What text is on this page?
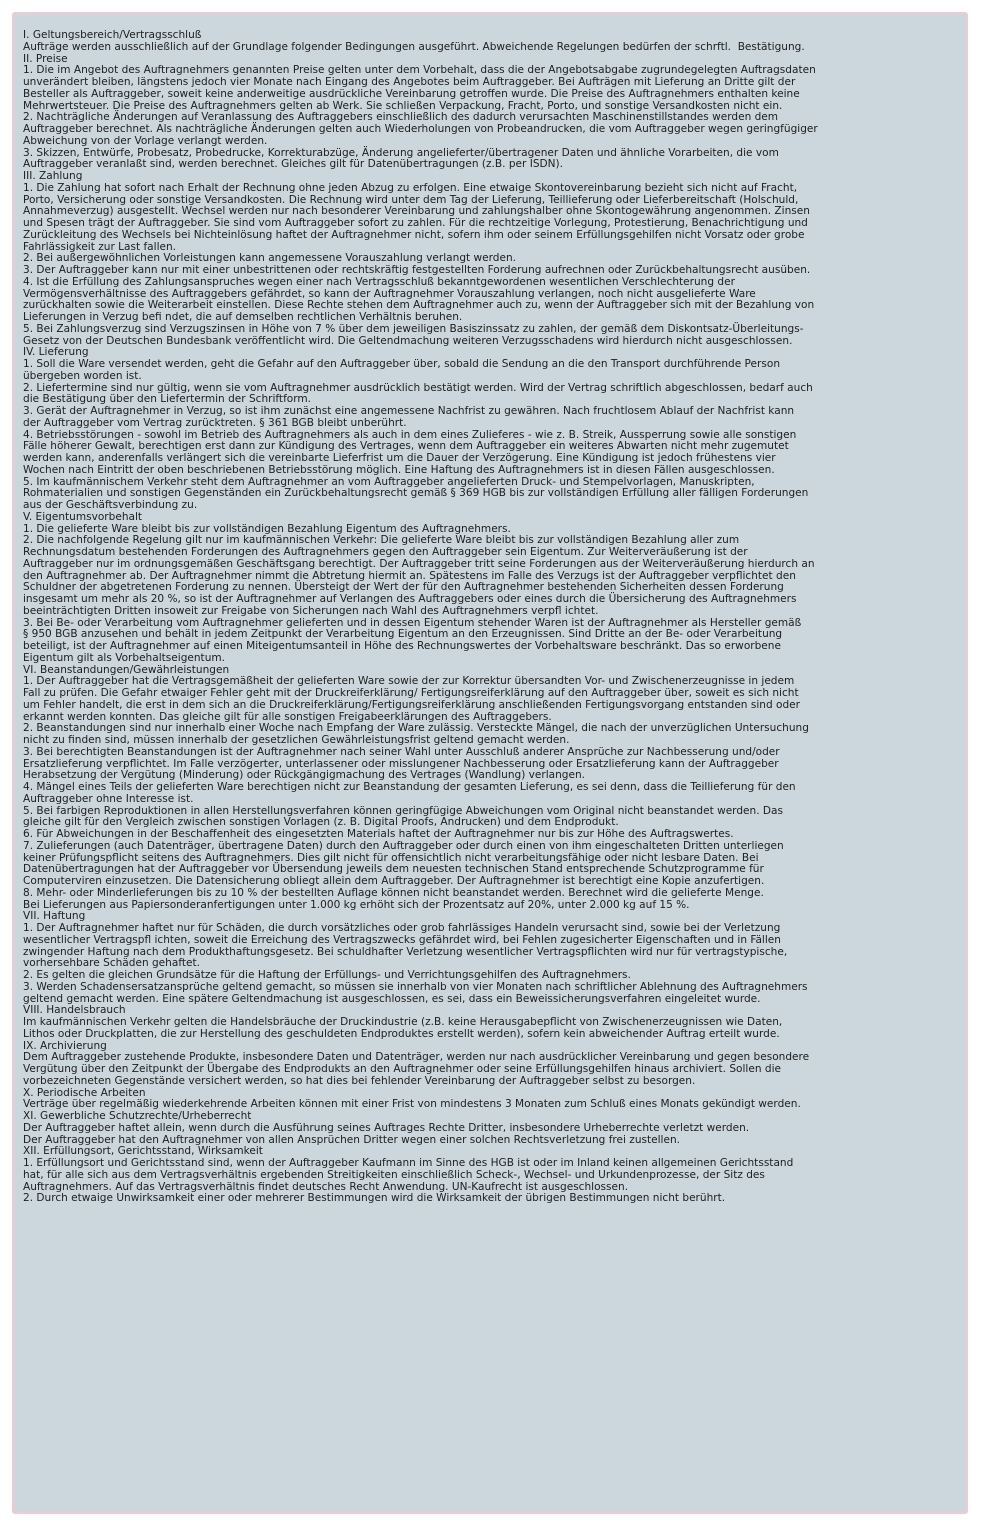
I. Geltungsbereich/Vertragsschluß
Aufträge werden ausschließlich auf der Grundlage folgender Bedingungen ausgeführt. Abweichende Regelungen bedürfen der schrftl.  Bestätigung.
II. Preise
1. Die im Angebot des Auftragnehmers genannten Preise gelten unter dem Vorbehalt, dass die der Angebotsabgabe zugrundegelegten Auftragsdaten
unverändert bleiben, längstens jedoch vier Monate nach Eingang des Angebotes beim Auftraggeber. Bei Aufträgen mit Lieferung an Dritte gilt der
Besteller als Auftraggeber, soweit keine anderweitige ausdrückliche Vereinbarung getroffen wurde. Die Preise des Auftragnehmers enthalten keine
Mehrwertsteuer. Die Preise des Auftragnehmers gelten ab Werk. Sie schließen Verpackung, Fracht, Porto, und sonstige Versandkosten nicht ein.
2. Nachträgliche Änderungen auf Veranlassung des Auftraggebers einschließlich des dadurch verursachten Maschinenstillstandes werden dem
Auftraggeber berechnet. Als nachträgliche Änderungen gelten auch Wiederholungen von Probeandrucken, die vom Auftraggeber wegen geringfügiger
Abweichung von der Vorlage verlangt werden.
3. Skizzen, Entwürfe, Probesatz, Probedrucke, Korrekturabzüge, Änderung angelieferter/übertragener Daten und ähnliche Vorarbeiten, die vom
Auftraggeber veranlaßt sind, werden berechnet. Gleiches gilt für Datenübertragungen (z.B. per ISDN).
III. Zahlung
1. Die Zahlung hat sofort nach Erhalt der Rechnung ohne jeden Abzug zu erfolgen. Eine etwaige Skontovereinbarung bezieht sich nicht auf Fracht,
Porto, Versicherung oder sonstige Versandkosten. Die Rechnung wird unter dem Tag der Lieferung, Teillieferung oder Lieferbereitschaft (Holschuld,
Annahmeverzug) ausgestellt. Wechsel werden nur nach besonderer Vereinbarung und zahlungshalber ohne Skontogewährung angenommen. Zinsen
und Spesen trägt der Auftraggeber. Sie sind vom Auftraggeber sofort zu zahlen. Für die rechtzeitige Vorlegung, Protestierung, Benachrichtigung und
Zurückleitung des Wechsels bei Nichteinlösung haftet der Auftragnehmer nicht, sofern ihm oder seinem Erfüllungsgehilfen nicht Vorsatz oder grobe
Fahrlässigkeit zur Last fallen.
2. Bei außergewöhnlichen Vorleistungen kann angemessene Vorauszahlung verlangt werden.
3. Der Auftraggeber kann nur mit einer unbestrittenen oder rechtskräftig festgestellten Forderung aufrechnen oder Zurückbehaltungsrecht ausüben.
4. Ist die Erfüllung des Zahlungsanspruches wegen einer nach Vertragsschluß bekanntgewordenen wesentlichen Verschlechterung der
Vermögensverhältnisse des Auftraggebers gefährdet, so kann der Auftragnehmer Vorauszahlung verlangen, noch nicht ausgelieferte Ware
zurückhalten sowie die Weiterarbeit einstellen. Diese Rechte stehen dem Auftragnehmer auch zu, wenn der Auftraggeber sich mit der Bezahlung von
Lieferungen in Verzug befi ndet, die auf demselben rechtlichen Verhältnis beruhen.
5. Bei Zahlungsverzug sind Verzugszinsen in Höhe von 7 % über dem jeweiligen Basiszinssatz zu zahlen, der gemäß dem Diskontsatz-Überleitungs-
Gesetz von der Deutschen Bundesbank veröffentlicht wird. Die Geltendmachung weiteren Verzugsschadens wird hierdurch nicht ausgeschlossen.
IV. Lieferung
1. Soll die Ware versendet werden, geht die Gefahr auf den Auftraggeber über, sobald die Sendung an die den Transport durchführende Person
übergeben worden ist.
2. Liefertermine sind nur gültig, wenn sie vom Auftragnehmer ausdrücklich bestätigt werden. Wird der Vertrag schriftlich abgeschlossen, bedarf auch
die Bestätigung über den Liefertermin der Schriftform.
3. Gerät der Auftragnehmer in Verzug, so ist ihm zunächst eine angemessene Nachfrist zu gewähren. Nach fruchtlosem Ablauf der Nachfrist kann
der Auftraggeber vom Vertrag zurücktreten. § 361 BGB bleibt unberührt.
4. Betriebsstörungen - sowohl im Betrieb des Auftragnehmers als auch in dem eines Zulieferes - wie z. B. Streik, Aussperrung sowie alle sonstigen
Fälle höherer Gewalt, berechtigen erst dann zur Kündigung des Vertrages, wenn dem Auftraggeber ein weiteres Abwarten nicht mehr zugemutet
werden kann, anderenfalls verlängert sich die vereinbarte Lieferfrist um die Dauer der Verzögerung. Eine Kündigung ist jedoch frühestens vier
Wochen nach Eintritt der oben beschriebenen Betriebsstörung möglich. Eine Haftung des Auftragnehmers ist in diesen Fällen ausgeschlossen.
5. Im kaufmännischem Verkehr steht dem Auftragnehmer an vom Auftraggeber angelieferten Druck- und Stempelvorlagen, Manuskripten,
Rohmaterialien und sonstigen Gegenständen ein Zurückbehaltungsrecht gemäß § 369 HGB bis zur vollständigen Erfüllung aller fälligen Forderungen
aus der Geschäftsverbindung zu.
V. Eigentumsvorbehalt
1. Die gelieferte Ware bleibt bis zur vollständigen Bezahlung Eigentum des Auftragnehmers.
2. Die nachfolgende Regelung gilt nur im kaufmännischen Verkehr: Die gelieferte Ware bleibt bis zur vollständigen Bezahlung aller zum
Rechnungsdatum bestehenden Forderungen des Auftragnehmers gegen den Auftraggeber sein Eigentum. Zur Weiterveräußerung ist der
Auftraggeber nur im ordnungsgemäßen Geschäftsgang berechtigt. Der Auftraggeber tritt seine Forderungen aus der Weiterveräußerung hierdurch an
den Auftragnehmer ab. Der Auftragnehmer nimmt die Abtretung hiermit an. Spätestens im Falle des Verzugs ist der Auftraggeber verpflichtet den
Schuldner der abgetretenen Forderung zu nennen. Übersteigt der Wert der für den Auftragnehmer bestehenden Sicherheiten dessen Forderung
insgesamt um mehr als 20 %, so ist der Auftragnehmer auf Verlangen des Auftraggebers oder eines durch die Übersicherung des Auftragnehmers
beeinträchtigten Dritten insoweit zur Freigabe von Sicherungen nach Wahl des Auftragnehmers verpfl ichtet.
3. Bei Be- oder Verarbeitung vom Auftragnehmer gelieferten und in dessen Eigentum stehender Waren ist der Auftragnehmer als Hersteller gemäß
§ 950 BGB anzusehen und behält in jedem Zeitpunkt der Verarbeitung Eigentum an den Erzeugnissen. Sind Dritte an der Be- oder Verarbeitung
beteiligt, ist der Auftragnehmer auf einen Miteigentumsanteil in Höhe des Rechnungswertes der Vorbehaltsware beschränkt. Das so erworbene
Eigentum gilt als Vorbehaltseigentum.
VI. Beanstandungen/Gewährleistungen
1. Der Auftraggeber hat die Vertragsgemäßheit der gelieferten Ware sowie der zur Korrektur übersandten Vor- und Zwischenerzeugnisse in jedem
Fall zu prüfen. Die Gefahr etwaiger Fehler geht mit der Druckreiferklärung/ Fertigungsreiferklärung auf den Auftraggeber über, soweit es sich nicht
um Fehler handelt, die erst in dem sich an die Druckreiferklärung/Fertigungsreiferklärung anschließenden Fertigungsvorgang entstanden sind oder
erkannt werden konnten. Das gleiche gilt für alle sonstigen Freigabeerklärungen des Auftraggebers.
2. Beanstandungen sind nur innerhalb einer Woche nach Empfang der Ware zulässig. Versteckte Mängel, die nach der unverzüglichen Untersuchung
nicht zu finden sind, müssen innerhalb der gesetzlichen Gewährleistungsfrist geltend gemacht werden.
3. Bei berechtigten Beanstandungen ist der Auftragnehmer nach seiner Wahl unter Ausschluß anderer Ansprüche zur Nachbesserung und/oder
Ersatzlieferung verpflichtet. Im Falle verzögerter, unterlassener oder misslungener Nachbesserung oder Ersatzlieferung kann der Auftraggeber
Herabsetzung der Vergütung (Minderung) oder Rückgängigmachung des Vertrages (Wandlung) verlangen.
4. Mängel eines Teils der gelieferten Ware berechtigen nicht zur Beanstandung der gesamten Lieferung, es sei denn, dass die Teillieferung für den
Auftraggeber ohne Interesse ist.
5. Bei farbigen Reproduktionen in allen Herstellungsverfahren können geringfügige Abweichungen vom Original nicht beanstandet werden. Das
gleiche gilt für den Vergleich zwischen sonstigen Vorlagen (z. B. Digital Proofs, Andrucken) und dem Endprodukt.
6. Für Abweichungen in der Beschaffenheit des eingesetzten Materials haftet der Auftragnehmer nur bis zur Höhe des Auftragswertes.
7. Zulieferungen (auch Datenträger, übertragene Daten) durch den Auftraggeber oder durch einen von ihm eingeschalteten Dritten unterliegen
keiner Prüfungspflicht seitens des Auftragnehmers. Dies gilt nicht für offensichtlich nicht verarbeitungsfähige oder nicht lesbare Daten. Bei
Datenübertragungen hat der Auftraggeber vor Übersendung jeweils dem neuesten technischen Stand entsprechende Schutzprogramme für
Computerviren einzusetzen. Die Datensicherung obliegt allein dem Auftraggeber. Der Auftragnehmer ist berechtigt eine Kopie anzufertigen.
8. Mehr- oder Minderlieferungen bis zu 10 % der bestellten Auflage können nicht beanstandet werden. Berechnet wird die gelieferte Menge.
Bei Lieferungen aus Papiersonderanfertigungen unter 1.000 kg erhöht sich der Prozentsatz auf 20%, unter 2.000 kg auf 15 %.
VII. Haftung
1. Der Auftragnehmer haftet nur für Schäden, die durch vorsätzliches oder grob fahrlässiges Handeln verursacht sind, sowie bei der Verletzung
wesentlicher Vertragspfl ichten, soweit die Erreichung des Vertragszwecks gefährdet wird, bei Fehlen zugesicherter Eigenschaften und in Fällen
zwingender Haftung nach dem Produkthaftungsgesetz. Bei schuldhafter Verletzung wesentlicher Vertragspflichten wird nur für vertragstypische,
vorhersehbare Schäden gehaftet.
2. Es gelten die gleichen Grundsätze für die Haftung der Erfüllungs- und Verrichtungsgehilfen des Auftragnehmers.
3. Werden Schadensersatzansprüche geltend gemacht, so müssen sie innerhalb von vier Monaten nach schriftlicher Ablehnung des Auftragnehmers
geltend gemacht werden. Eine spätere Geltendmachung ist ausgeschlossen, es sei, dass ein Beweissicherungsverfahren eingeleitet wurde.
VIII. Handelsbrauch
Im kaufmännischen Verkehr gelten die Handelsbräuche der Druckindustrie (z.B. keine Herausgabepflicht von Zwischenerzeugnissen wie Daten,
Lithos oder Druckplatten, die zur Herstellung des geschuldeten Endproduktes erstellt werden), sofern kein abweichender Auftrag erteilt wurde.
IX. Archivierung
Dem Auftraggeber zustehende Produkte, insbesondere Daten und Datenträger, werden nur nach ausdrücklicher Vereinbarung und gegen besondere
Vergütung über den Zeitpunkt der Übergabe des Endprodukts an den Auftragnehmer oder seine Erfüllungsgehilfen hinaus archiviert. Sollen die
vorbezeichneten Gegenstände versichert werden, so hat dies bei fehlender Vereinbarung der Auftraggeber selbst zu besorgen.
X. Periodische Arbeiten
Verträge über regelmäßig wiederkehrende Arbeiten können mit einer Frist von mindestens 3 Monaten zum Schluß eines Monats gekündigt werden.
XI. Gewerbliche Schutzrechte/Urheberrecht
Der Auftraggeber haftet allein, wenn durch die Ausführung seines Auftrages Rechte Dritter, insbesondere Urheberrechte verletzt werden.
Der Auftraggeber hat den Auftragnehmer von allen Ansprüchen Dritter wegen einer solchen Rechtsverletzung frei zustellen.
XII. Erfüllungsort, Gerichtsstand, Wirksamkeit
1. Erfüllungsort und Gerichtsstand sind, wenn der Auftraggeber Kaufmann im Sinne des HGB ist oder im Inland keinen allgemeinen Gerichtsstand
hat, für alle sich aus dem Vertragsverhältnis ergebenden Streitigkeiten einschließlich Scheck-, Wechsel- und Urkundenprozesse, der Sitz des
Auftragnehmers. Auf das Vertragsverhältnis findet deutsches Recht Anwendung. UN-Kaufrecht ist ausgeschlossen.
2. Durch etwaige Unwirksamkeit einer oder mehrerer Bestimmungen wird die Wirksamkeit der übrigen Bestimmungen nicht berührt.
